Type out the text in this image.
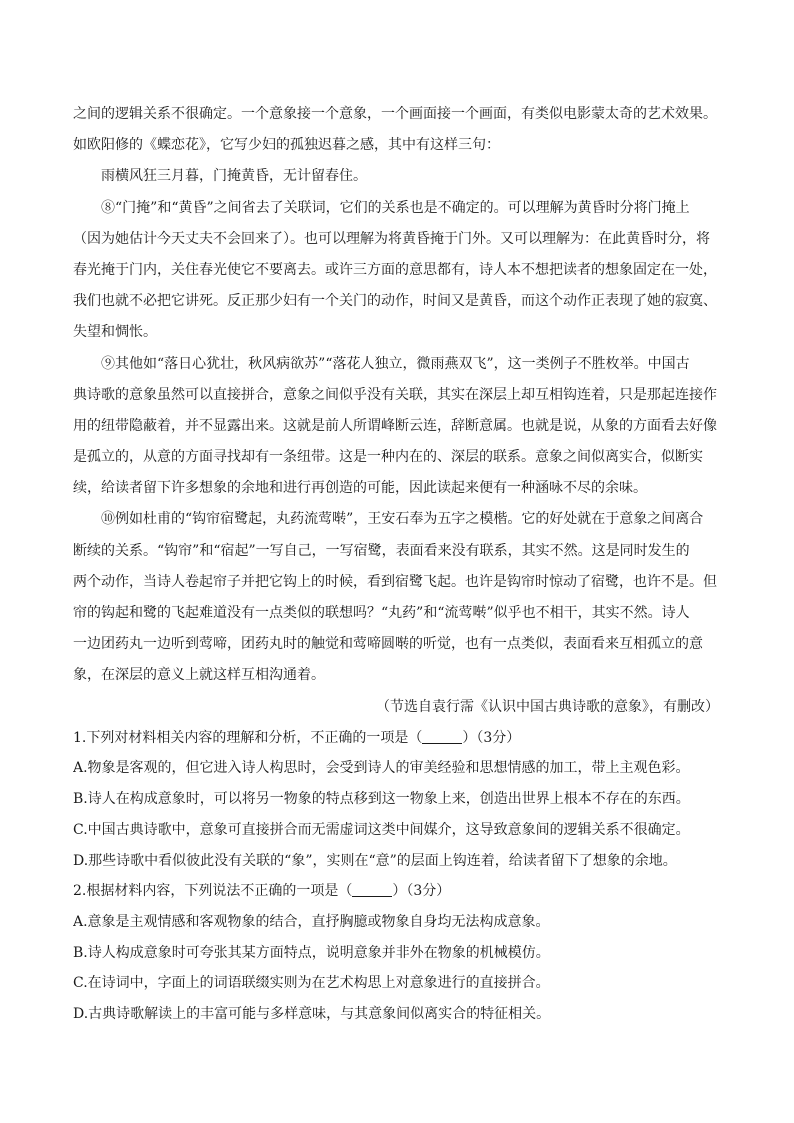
之间的逻辑关系不很确定。一个意象接一个意象，一个画面接一个画面，有类似电影蒙太奇的艺术效果。
如欧阳修的《蝶恋花》，它写少妇的孤独迟暮之感，其中有这样三句：
雨横风狂三月暮，门掩黄昏，无计留春住。
⑧“门掩”和“黄昏”之间省去了关联词，它们的关系也是不确定的。可以理解为黄昏时分将门掩上
（因为她估计今天丈夫不会回来了）。也可以理解为将黄昏掩于门外。又可以理解为：在此黄昏时分，将
春光掩于门内，关住春光使它不要离去。或许三方面的意思都有，诗人本不想把读者的想象固定在一处，
我们也就不必把它讲死。反正那少妇有一个关门的动作，时间又是黄昏，而这个动作正表现了她的寂寞、
失望和惆怅。
⑨其他如“落日心犹壮，秋风病欲苏”“落花人独立，微雨燕双飞”，这一类例子不胜枚举。中国古
典诗歌的意象虽然可以直接拼合，意象之间似乎没有关联，其实在深层上却互相钩连着，只是那起连接作
用的纽带隐蔽着，并不显露出来。这就是前人所谓峰断云连，辞断意属。也就是说，从象的方面看去好像
是孤立的，从意的方面寻找却有一条纽带。这是一种内在的、深层的联系。意象之间似离实合，似断实
续，给读者留下许多想象的余地和进行再创造的可能，因此读起来便有一种涵咏不尽的余味。
⑩例如杜甫的“钩帘宿鹭起，丸药流莺啭”，王安石奉为五字之模楷。它的好处就在于意象之间离合
断续的关系。“钩帘”和“宿起”一写自己，一写宿鹭，表面看来没有联系，其实不然。这是同时发生的
两个动作，当诗人卷起帘子并把它钩上的时候，看到宿鹭飞起。也许是钩帘时惊动了宿鹭，也许不是。但
帘的钩起和鹭的飞起难道没有一点类似的联想吗？“丸药”和“流莺啭”似乎也不相干，其实不然。诗人
一边团药丸一边听到莺啼，团药丸时的触觉和莺啼圆啭的听觉，也有一点类似，表面看来互相孤立的意
象，在深层的意义上就这样互相沟通着。
（节选自袁行霈《认识中国古典诗歌的意象》，有删改）
1.下列对材料相关内容的理解和分析，不正确的一项是（	）（3分）
A.物象是客观的，但它进入诗人构思时，会受到诗人的审美经验和思想情感的加工，带上主观色彩。
B.诗人在构成意象时，可以将另一物象的特点移到这一物象上来，创造出世界上根本不存在的东西。
C.中国古典诗歌中，意象可直接拼合而无需虚词这类中间媒介，这导致意象间的逻辑关系不很确定。
D.那些诗歌中看似彼此没有关联的“象”，实则在“意”的层面上钩连着，给读者留下了想象的余地。
2.根据材料内容，下列说法不正确的一项是（	）（3分）
A.意象是主观情感和客观物象的结合，直抒胸臆或物象自身均无法构成意象。
B.诗人构成意象时可夸张其某方面特点，说明意象并非外在物象的机械模仿。
C.在诗词中，字面上的词语联缀实则为在艺术构思上对意象进行的直接拼合。
D.古典诗歌解读上的丰富可能与多样意味，与其意象间似离实合的特征相关。
